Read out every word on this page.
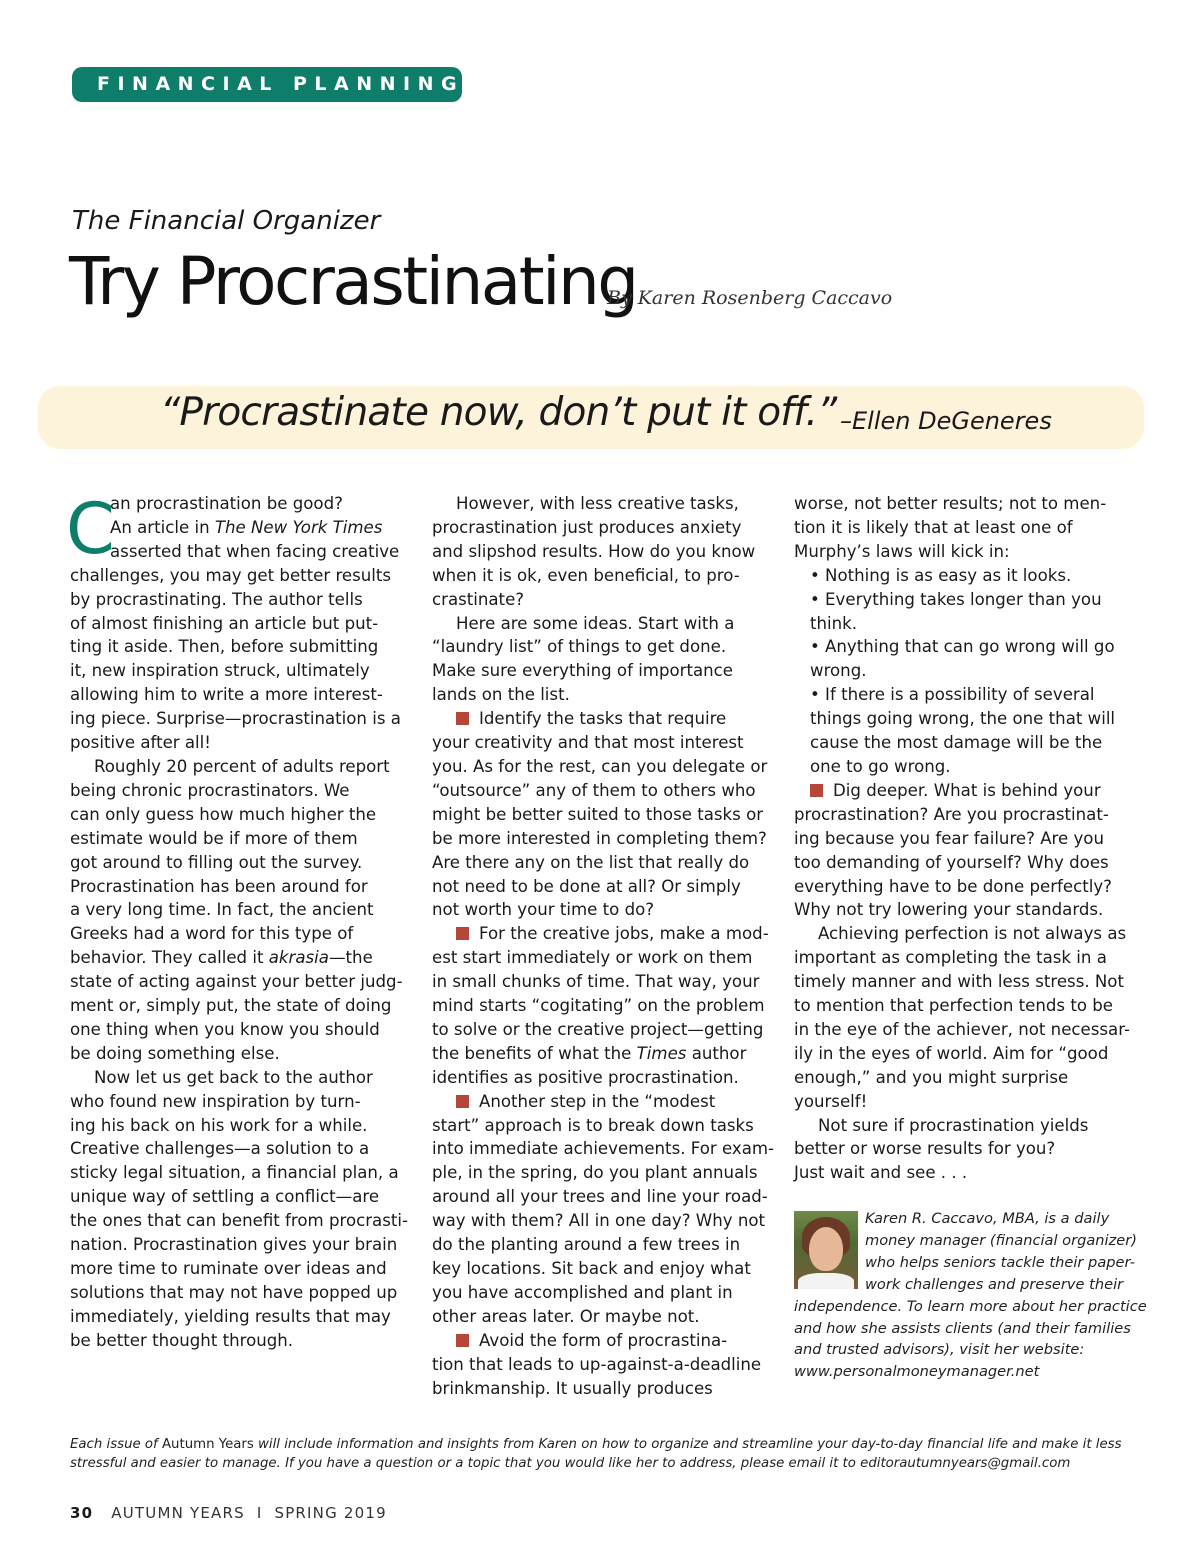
FINANCIAL PLANNING
The Financial Organizer
Try Procrastinating
By Karen Rosenberg Caccavo
“Procrastinate now, don’t put it off.” –Ellen DeGeneres
C
an procrastination be good?
An article in The New York Times
asserted that when facing creative
challenges, you may get better results
by procrastinating. The author tells
of almost finishing an article but put-
ting it aside. Then, before submitting
it, new inspiration struck, ultimately
allowing him to write a more interest-
ing piece. Surprise—procrastination is a
positive after all!
Roughly 20 percent of adults report
being chronic procrastinators. We
can only guess how much higher the
estimate would be if more of them
got around to filling out the survey.
Procrastination has been around for
a very long time. In fact, the ancient
Greeks had a word for this type of
behavior. They called it akrasia—the
state of acting against your better judg-
ment or, simply put, the state of doing
one thing when you know you should
be doing something else.
Now let us get back to the author
who found new inspiration by turn-
ing his back on his work for a while.
Creative challenges—a solution to a
sticky legal situation, a financial plan, a
unique way of settling a conflict—are
the ones that can benefit from procrasti-
nation. Procrastination gives your brain
more time to ruminate over ideas and
solutions that may not have popped up
immediately, yielding results that may
be better thought through.
However, with less creative tasks,
procrastination just produces anxiety
and slipshod results. How do you know
when it is ok, even beneficial, to pro-
crastinate?
Here are some ideas. Start with a
“laundry list” of things to get done.
Make sure everything of importance
lands on the list.
Identify the tasks that require
your creativity and that most interest
you. As for the rest, can you delegate or
“outsource” any of them to others who
might be better suited to those tasks or
be more interested in completing them?
Are there any on the list that really do
not need to be done at all? Or simply
not worth your time to do?
For the creative jobs, make a mod-
est start immediately or work on them
in small chunks of time. That way, your
mind starts “cogitating” on the problem
to solve or the creative project—getting
the benefits of what the Times author
identifies as positive procrastination.
Another step in the “modest
start” approach is to break down tasks
into immediate achievements. For exam-
ple, in the spring, do you plant annuals
around all your trees and line your road-
way with them? All in one day? Why not
do the planting around a few trees in
key locations. Sit back and enjoy what
you have accomplished and plant in
other areas later. Or maybe not.
Avoid the form of procrastina-
tion that leads to up-against-a-deadline
brinkmanship. It usually produces
worse, not better results; not to men-
tion it is likely that at least one of
Murphy’s laws will kick in:
• Nothing is as easy as it looks.
• Everything takes longer than you
think.
• Anything that can go wrong will go
wrong.
• If there is a possibility of several
things going wrong, the one that will
cause the most damage will be the
one to go wrong.
Dig deeper. What is behind your
procrastination? Are you procrastinat-
ing because you fear failure? Are you
too demanding of yourself? Why does
everything have to be done perfectly?
Why not try lowering your standards.
Achieving perfection is not always as
important as completing the task in a
timely manner and with less stress. Not
to mention that perfection tends to be
in the eye of the achiever, not necessar-
ily in the eyes of world. Aim for “good
enough,” and you might surprise
yourself!
Not sure if procrastination yields
better or worse results for you?
Just wait and see . . .
Karen R. Caccavo, MBA, is a daily
money manager (financial organizer)
who helps seniors tackle their paper-
work challenges and preserve their
independence. To learn more about her practice
and how she assists clients (and their families
and trusted advisors), visit her website:
www.personalmoneymanager.net
Each issue of Autumn Years will include information and insights from Karen on how to organize and streamline your day-to-day financial life and make it less
stressful and easier to manage. If you have a question or a topic that you would like her to address, please email it to editorautumnyears@gmail.com
30 AUTUMN YEARS I SPRING 2019
